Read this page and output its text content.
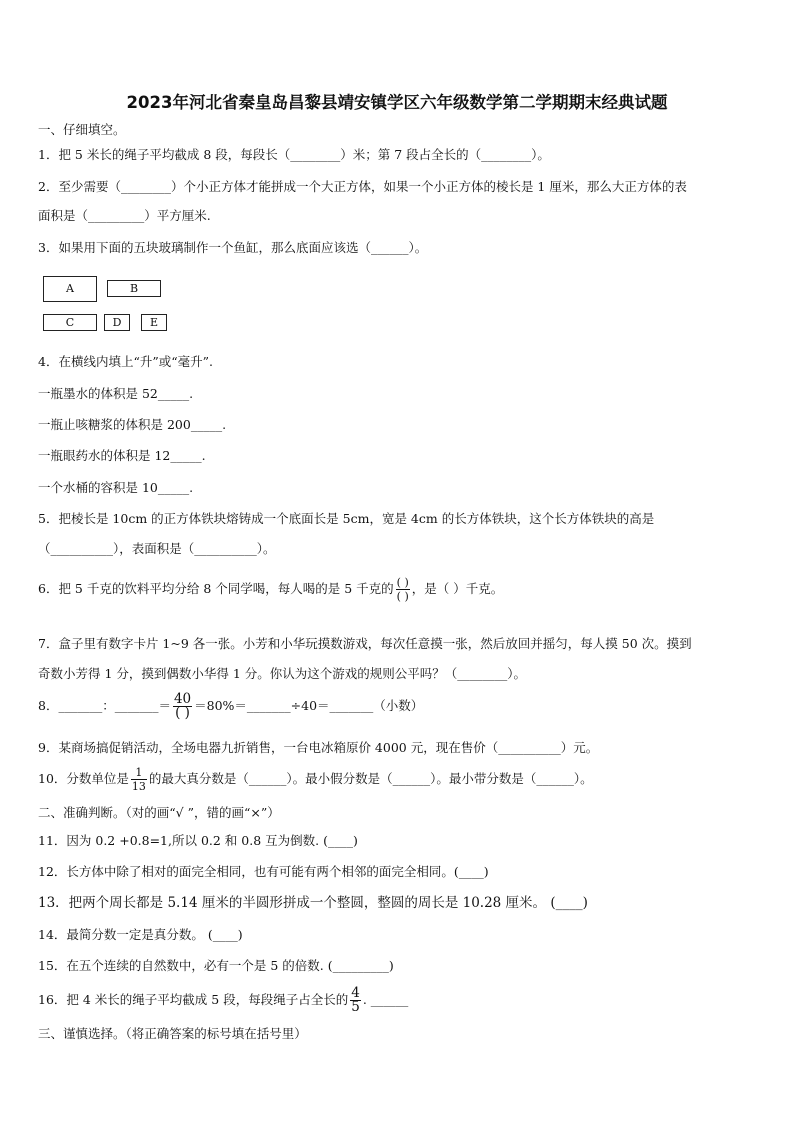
2023年河北省秦皇岛昌黎县靖安镇学区六年级数学第二学期期末经典试题
一、仔细填空。
1．把 5 米长的绳子平均截成 8 段，每段长（________）米；第 7 段占全长的（________）。
2．至少需要（________）个小正方体才能拼成一个大正方体，如果一个小正方体的棱长是 1 厘米，那么大正方体的表
面积是（_________）平方厘米.
3．如果用下面的五块玻璃制作一个鱼缸，那么底面应该选（______）。
A	B
C	D	E
4．在横线内填上“升”或“毫升”.
一瓶墨水的体积是 52_____.
一瓶止咳糖浆的体积是 200_____.
一瓶眼药水的体积是 12_____.
一个水桶的容积是 10_____.
5．把棱长是 10cm 的正方体铁块熔铸成一个底面长是 5cm，宽是 4cm 的长方体铁块，这个长方体铁块的高是
（__________），表面积是（__________）。
6．把 5 千克的饮料平均分给 8 个同学喝，每人喝的是 5 千克的 $\frac{( )}{( )}$ ，是（ ）千克。
7．盒子里有数字卡片 1~9 各一张。小芳和小华玩摸数游戏，每次任意摸一张，然后放回并摇匀，每人摸 50 次。摸到
奇数小芳得 1 分，摸到偶数小华得 1 分。你认为这个游戏的规则公平吗？（________）。
8．_______：_______＝ $\frac{40}{( )}$ ＝80%＝_______÷40＝_______（小数）
9．某商场搞促销活动，全场电器九折销售，一台电冰箱原价 4000 元，现在售价（__________）元。
10．分数单位是 $\frac{1}{13}$ 的最大真分数是（______）。最小假分数是（______）。最小带分数是（______）。
二、准确判断。（对的画“√ ”，错的画“×”）
11．因为 0.2 +0.8=1,所以 0.2 和 0.8 互为倒数. (____)
12．长方体中除了相对的面完全相同，也有可能有两个相邻的面完全相同。(____)
13．把两个周长都是 5.14 厘米的半圆形拼成一个整圆，整圆的周长是 10.28 厘米。 (____)
14．最简分数一定是真分数。 (____)
15．在五个连续的自然数中，必有一个是 5 的倍数. (_________)
16．把 4 米长的绳子平均截成 5 段，每段绳子占全长的 $\frac{4}{5}$ . ______
三、谨慎选择。（将正确答案的标号填在括号里）
